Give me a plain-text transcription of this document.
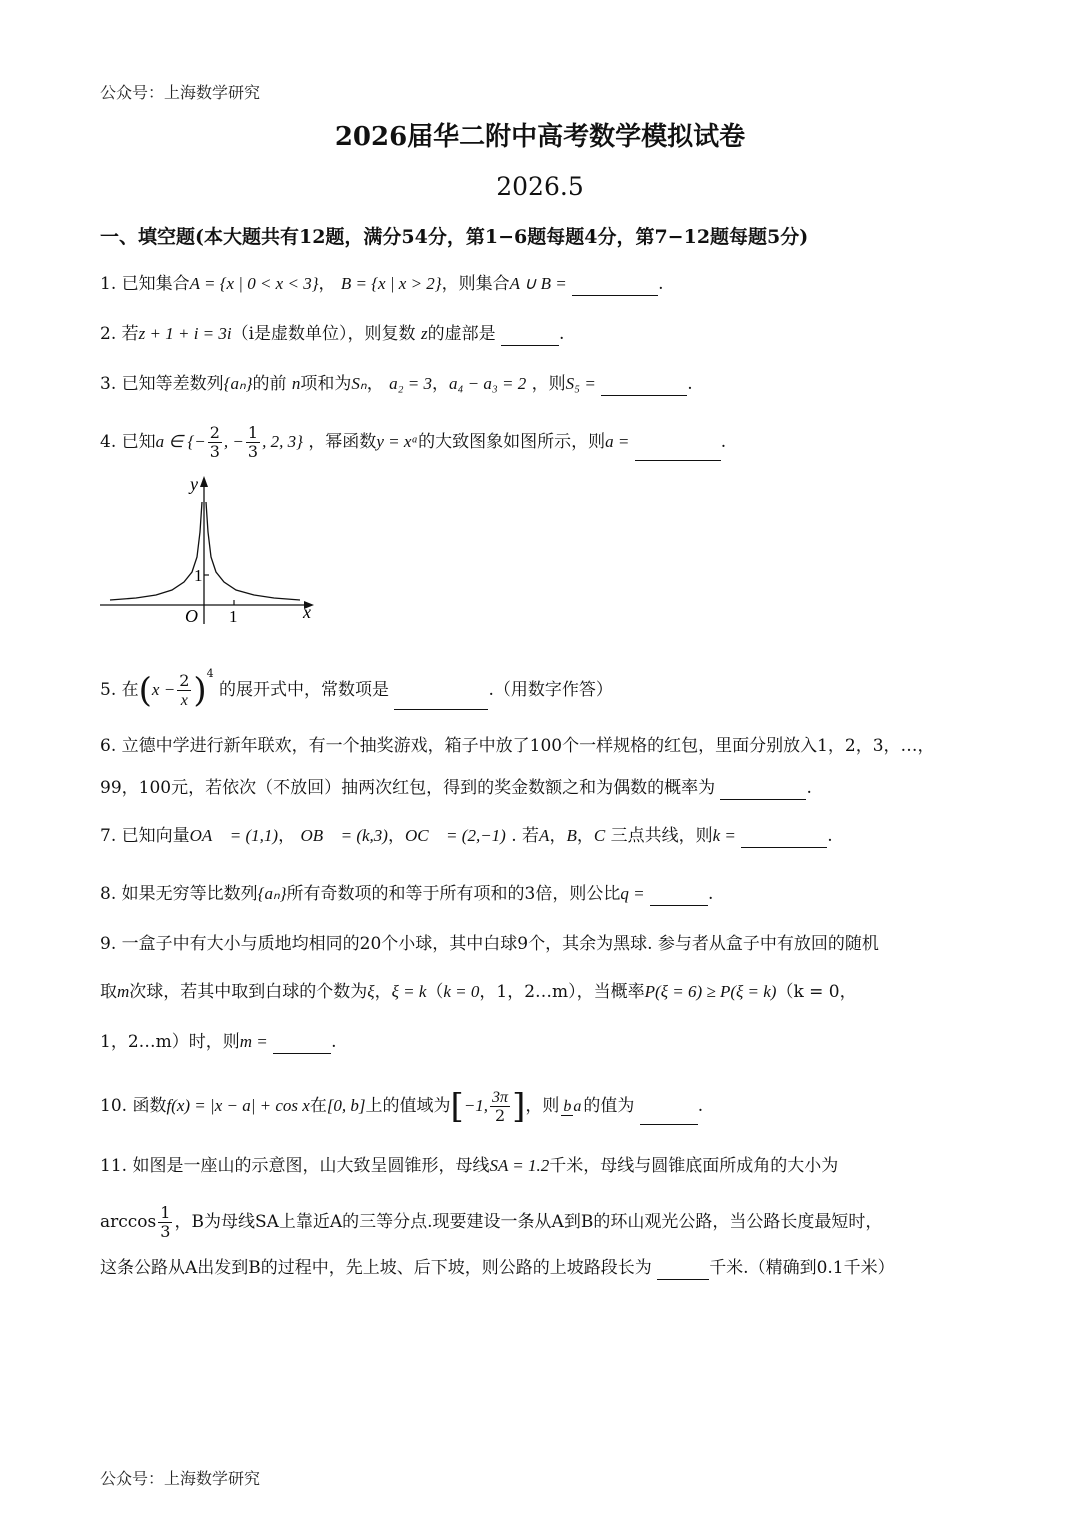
公众号：上海数学研究
2026届华二附中高考数学模拟试卷
2026.5
一、填空题(本大题共有12题，满分54分，第1−6题每题4分，第7−12题每题5分)
1. 已知集合A = {x | 0 < x < 3}， B = {x | x > 2}，则集合A ∪ B =	.
2. 若z + 1 + i = 3i（i是虚数单位），则复数 z的虚部是	.
3. 已知等差数列{aₙ}的前 n项和为Sₙ， a₂ = 3，a₄ − a₃ = 2 ，则S₅ =	.
4. 已知a ∈ {− $\frac{2}{3}$ , − $\frac{1}{3}$ , 2, 3} ，幂函数y = xᵃ的大致图象如图所示，则a =	.
y
x
O 1
1
5. 在$(x - \frac{2}{x})^4$ 的展开式中，常数项是	.（用数字作答）
6. 立德中学进行新年联欢，有一个抽奖游戏，箱子中放了100个一样规格的红包，里面分别放入1，2，3，…，
99，100元，若依次（不放回）抽两次红包，得到的奖金数额之和为偶数的概率为	.
7. 已知向量OA⃗ = (1,1)， OB⃗ = (k,3)，OC⃗ = (2,−1) . 若A，B，C 三点共线，则k =	.
8. 如果无穷等比数列{aₙ}所有奇数项的和等于所有项和的3倍，则公比q =	.
9. 一盒子中有大小与质地均相同的20个小球，其中白球9个，其余为黑球. 参与者从盒子中有放回的随机
取m次球，若其中取到白球的个数为ξ，ξ = k（k = 0，1，2…m），当概率P(ξ = 6) ≥ P(ξ = k)（k = 0，
1，2…m）时，则m =	.
10. 函数f(x) = |x − a| + cos x在[0, b]上的值域为[−1, $\frac{3\pi}{2}$ ]，则 b a 的值为	.
11. 如图是一座山的示意图，山大致呈圆锥形，母线SA = 1.2千米，母线与圆锥底面所成角的大小为
$\arccos \frac{1}{3}$ ，B为母线SA上靠近A的三等分点.现要建设一条从A到B的环山观光公路，当公路长度最短时，
这条公路从A出发到B的过程中，先上坡、后下坡，则公路的上坡路段长为	千米.（精确到0.1千米）
公众号：上海数学研究
